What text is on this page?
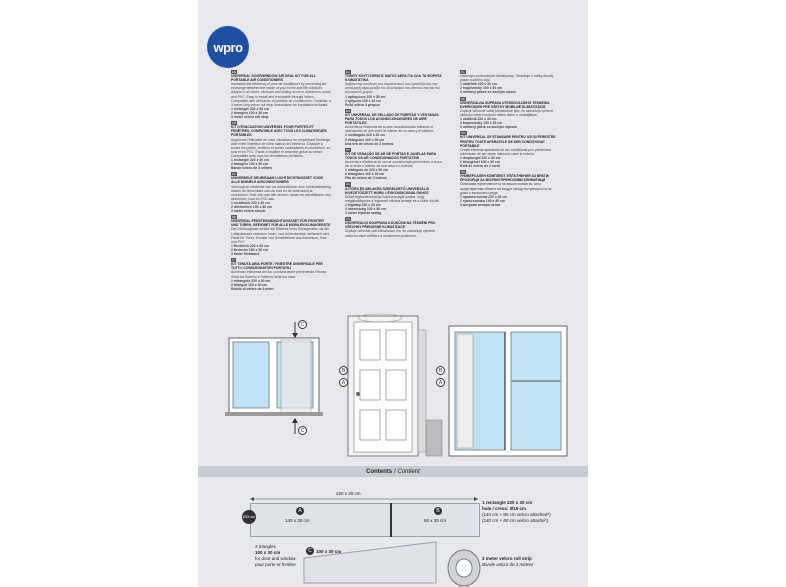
wpro

EN
UNIVERSAL DOOR/WINDOW AIR SEAL KIT FOR ALL PORTABLE AIR CONDITIONERS
Increases the efficiency of your air conditioner by preventing air exchange between the inside of your home and the outdoors. Adapts to all doors, windows and sliding doors in aluminium, wood and PVC. Easy to install and removable through Velcro. Compatible with all brands of portable air conditioners. Contents: a 3 meter long velcro roll strip. Instructions for installation included.
1 rectangle 220 x 30 cm
2 triangles 100 x 30 cm
3 meter velcro roll strip

FR
KIT D'ÉVACUATION UNIVERSEL POUR PORTES ET FENÊTRES, COMPATIBLE AVEC TOUS LES CLIMATISEURS PORTABLES
Augmente l'efficacité de votre climatiseur en empêchant l'échange d'air entre l'intérieur de votre maison et l'extérieur. S'adapte à toutes les portes, fenêtres et portes coulissantes en aluminium, en bois et en PVC. Facile à installer et amovible grâce au velcro. Compatible avec tous les climatiseurs portables.
1 rectangle 220 x 30 cm
2 triangles 100 x 30 cm
Bande velcro de 3 mètres

NL
UNIVERSELE DEUR/RAAM LUCHTDICHTINGSSET VOOR ALLE MOBIELE AIRCONDITIONERS
Verhoogt de efficiëntie van uw airconditioner door luchtuitwisseling tussen de binnenkant van uw huis en de buitenlucht te voorkomen. Past zich aan alle deuren, ramen en schuifdeuren van aluminium, hout en PVC aan.
1 rechthoek 220 x 30 cm
2 driehoeken 100 x 30 cm
3 meter velcro strook

DE
UNIVERSAL-FENSTERABDICHTUNGSSET FÜR FENSTER UND TÜREN, GEEIGNET FÜR ALLE MOBILEN KLIMAGERÄTE
Der Dichtungssatz erhöht die Effizienz Ihres Klimagerätes, da der Luftaustausch zwischen Innen- und Außenbereich verhindert wird. Passt für Türen, Fenster und Schiebetüren aus Aluminium, Holz und PVC.
1 Rechteck 220 x 30 cm
2 Dreiecke 100 x 30 cm
3 Meter Klettband

IT
KIT TENUTA ARIA PORTE / FINESTRE UNIVERSALE PER TUTTI I CONDIZIONATORI PORTATILI
Aumenta l'efficienza del tuo condizionatore prevenendo il flusso d'aria tra l'interno e l'esterno della tua casa.
1 rettangolo 220 x 30 cm
2 triangoli 100 x 30 cm
Rotolo di velcro da 3 metri

EL
ΤΣΙΜΟΥ ΚΟΥΤΙ ΣΦΡΑΓΙΣ ΜΑΤΟΣ ΑΕΡΑ ΓΙΑ ΟΛΑ ΤΑ ΦΟΡΗΤΑ ΚΛΙΜΑΤΙΣΤΙΚΑ
Αυξάνει την απόδοση του κλιματιστικού σας εμποδίζοντας την ανταλλαγή αέρα μεταξύ του εσωτερικού του σπιτιού σας και του εξωτερικού χώρου.
1 ορθογώνιο 220 x 30 cm
2 τρίγωνα 100 x 30 cm
Ρολό velcro 3 μέτρων

ES
KIT UNIVERSAL DE SELLADO DE PUERTAS Y VENTANAS PARA TODOS LOS ACONDICIONADORES DE AIRE PORTÁTILES
Aumenta la eficiencia de su aire acondicionado evitando el intercambio de aire entre el interior de su casa y el exterior.
1 rectángulo 220 x 30 cm
2 triángulos 100 x 30 cm
Una tira de velcro de 3 metros

PT
KIT DE VEDAÇÃO DE AR DE PORTAS E JANELAS PARA TODOS OS AR CONDICIONADOS PORTÁTEIS
Aumenta a eficiência do seu ar condicionado prevenindo a troca de ar entre o interior da sua casa e o exterior.
1 retângulo de 220 x 30 cm
2 triângulos 100 x 30 cm
Fita de velcro de 3 metros

HU
AJTÓRA ÉS ABLAKRA SZERELHETŐ UNIVERZÁLIS KIVEZETŐSZETT MOBIL LÉGKONDICIONÁLÓKHOZ
Növeli légkondicionálója hatékonyságát azáltal, hogy megakadályozza a légcserét otthona belseje és a kültér között.
1 téglalap 220 x 30 cm
2 háromszög 100 x 30 cm
3 méter tépőzár szalag

CS
UNIVERZÁLNÍ SOUPRAVA KOUKŮ/OKNA TĚSNĚNÍ PRO VŠECHNY PŘENOSNÉ KLIMATIZACE
Zvyšuje účinnost vaší klimatizace tím, že zabraňuje výměně vzduchu mezi vnitřkem a venkovním prostorem.

PL
znacznym przenośnych klimatyzacji. Obsahuje 3 metry dlouhý pásek suchého zipu.
1 obdélník 220 x 30 cm
2 trojúhelníky 100 x 30 cm
3 metrový pásek se suchým zipem

SK
UNIVERZÁLNA SÚPRAVA UTESŇOVACIEHO TESNENIA DVERÍ/OKIEN PRE VŠETKY MOBILNÉ KLIMATIZÁCIE
Zvyšuje účinnosť vašej klimatizácie tým, že zabraňuje výmene vzduchu medzi vnútrom vášho domu a vonkajškom.
1 obdĺžnik 220 x 30 cm
2 trojuholníky 100 x 30 cm
3 metrový pásik so suchým zipsom

RO
KIT UNIVERSAL DE ETANȘARE PENTRU UȘI ȘI FERESTRE PENTRU TOATE APARATELE DE AER CONDIȚIONAT PORTABILE
Crește eficiența aparatului de aer condiționat prin prevenirea schimbului de aer dintre interiorul casei și exterior.
1 dreptunghi 220 x 30 cm
2 triunghiuri 100 x 30 cm
Rolă de velcro de 3 metri

BG
УНИВЕРСАЛЕН КОМПЛЕКТ УПЛЪТНЕНИЯ ЗА ВРАТИ/ПРОЗОРЦИ ЗА ВСИЧКИ ПРЕНОСИМИ КЛИМАТИЦИ
Повишава ефективността на вашия климатик, като предотвратява обмена на въздух между вътрешността на дома и външната среда.
1 правоъгълник 220 x 30 cm
2 триъгълника 100 x 30 cm
3 метрова велкро лента

C
C
B
A
B
A
Contents / Contient
220 x 30 cm
Ø15 cm
A
140 x 30 cm
B
80 x 30 cm
1 rectangle 220 x 30 cm
hole / creux: Ø15 cm
(140 cm + 80 cm velcro attached*)
(140 cm + 80 cm velcro attaché*)
2 triangles
100 x 30 cm
for door and window
pour porte et fenêtre
C 100 x 30 cm
3 meter velcro roll strip
Bande velcro de 3 mètres
